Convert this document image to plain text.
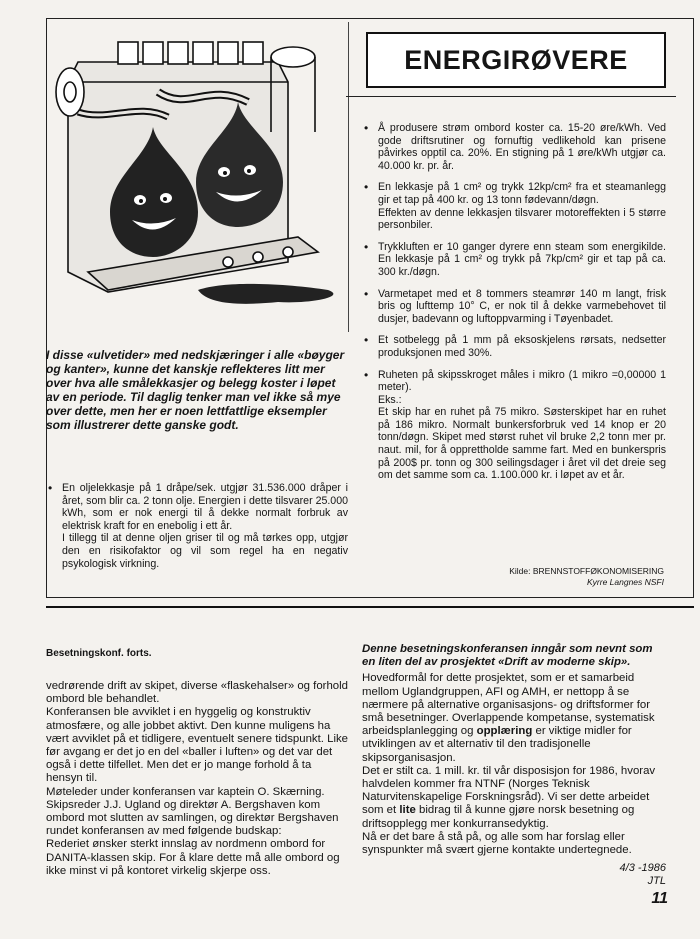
ENERGIRØVERE
• Å produsere strøm ombord koster ca. 15-20 øre/kWh. Ved gode driftsrutiner og fornuftig vedlikehold kan prisene påvirkes opptil ca. 20%. En stigning på 1 øre/kWh utgjør ca. 40.000 kr. pr. år.
• En lekkasje på 1 cm² og trykk 12kp/cm² fra et steamanlegg gir et tap på 400 kr. og 13 tonn fødevann/døgn.
Effekten av denne lekkasjen tilsvarer motoreffekten i 5 større personbiler.
• Trykkluften er 10 ganger dyrere enn steam som energikilde. En lekkasje på 1 cm² og trykk på 7kp/cm² gir et tap på ca. 300 kr./døgn.
• Varmetapet med et 8 tommers steamrør 140 m langt, frisk bris og lufttemp 10° C, er nok til å dekke varmebehovet til dusjer, badevann og luftoppvarming i Tøyenbadet.
• Et sotbelegg på 1 mm på eksoskjelens rørsats, nedsetter produksjonen med 30%.
• Ruheten på skipsskroget måles i mikro (1 mikro =0,00000 1 meter).
Eks.:
Et skip har en ruhet på 75 mikro. Søsterskipet har en ruhet på 186 mikro. Normalt bunkersforbruk ved 14 knop er 20 tonn/døgn. Skipet med størst ruhet vil bruke 2,2 tonn mer pr. naut. mil, for å opprettholde samme fart. Med en bunkerspris på 200$ pr. tonn og 300 seilingsdager i året vil det dreie seg om det samme som ca. 1.100.000 kr. i løpet av et år.
Kilde: BRENNSTOFFØKONOMISERING
Kyrre Langnes NSFI
I disse «ulvetider» med nedskjæringer i alle «bøyger og kanter», kunne det kanskje reflekteres litt mer over hva alle smålekkasjer og belegg koster i løpet av en periode. Til daglig tenker man vel ikke så mye over dette, men her er noen lettfattlige eksempler som illustrerer dette ganske godt.
• En oljelekkasje på 1 dråpe/sek. utgjør 31.536.000 dråper i året, som blir ca. 2 tonn olje. Energien i dette tilsvarer 25.000 kWh, som er nok energi til å dekke normalt forbruk av elektrisk kraft for en enebolig i ett år.
I tillegg til at denne oljen griser til og må tørkes opp, utgjør den en risikofaktor og vil som regel ha en negativ psykologisk virkning.
Besetningskonf. forts.

vedrørende drift av skipet, diverse «flaskehalser» og forhold ombord ble behandlet.

Konferansen ble avviklet i en hyggelig og konstruktiv atmosfære, og alle jobbet aktivt. Den kunne muligens ha vært avviklet på et tidligere, eventuelt senere tidspunkt. Like før avgang er det jo en del «baller i luften» og det var det også i dette tilfellet. Men det er jo mange forhold å ta hensyn til.

Møteleder under konferansen var kaptein O. Skærning.

Skipsreder J.J. Ugland og direktør A. Bergshaven kom ombord mot slutten av samlingen, og direktør Bergshaven rundet konferansen av med følgende budskap:

Rederiet ønsker sterkt innslag av nordmenn ombord for DANITA-klassen skip. For å klare dette må alle ombord og ikke minst vi på kontoret virkelig skjerpe oss.

Denne besetningskonferansen inngår som nevnt som en liten del av prosjektet «Drift av moderne skip».

Hovedformål for dette prosjektet, som er et samarbeid mellom Uglandgruppen, AFI og AMH, er nettopp å se nærmere på alternative organisasjons- og driftsformer for små besetninger. Overlappende kompetanse, systematisk arbeidsplanlegging og opplæring er viktige midler for utviklingen av et alternativ til den tradisjonelle skipsorganisasjon.

Det er stilt ca. 1 mill. kr. til vår disposisjon for 1986, hvorav halvdelen kommer fra NTNF (Norges Teknisk Naturvitenskapelige Forskningsråd). Vi ser dette arbeidet som et lite bidrag til å kunne gjøre norsk besetning og driftsopplegg mer konkurransedyktig.

Nå er det bare å stå på, og alle som har forslag eller synspunkter må svært gjerne kontakte undertegnede.

4/3 -1986
JTL
11
